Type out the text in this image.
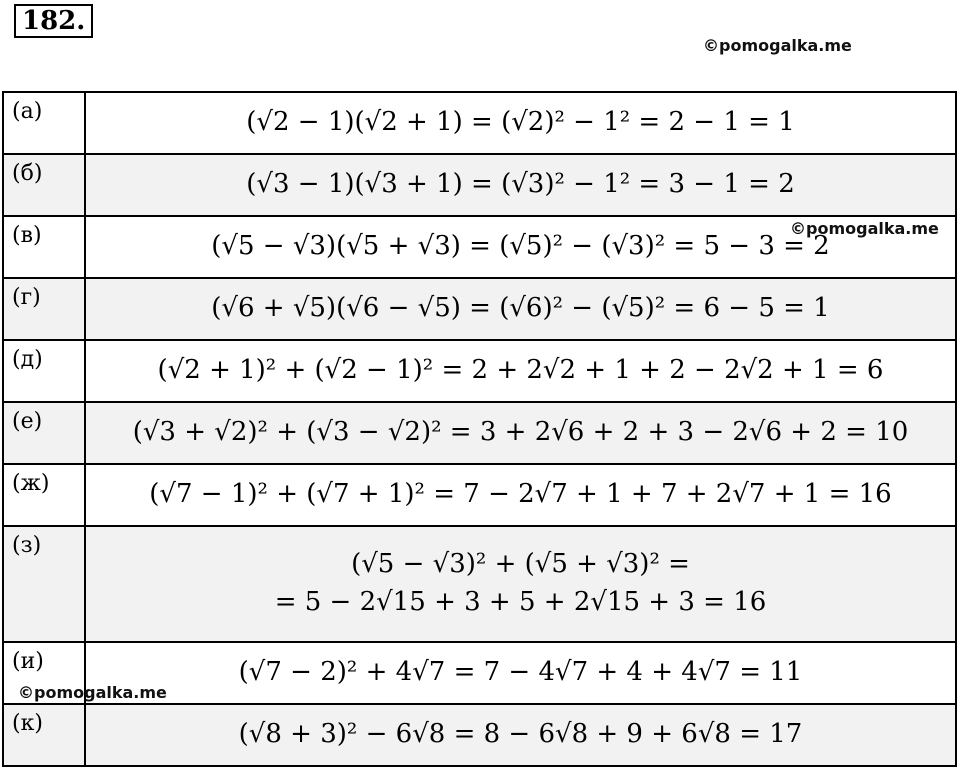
182.
©pomogalka.me
(а)	(√2 − 1)(√2 + 1) = (√2)² − 1² = 2 − 1 = 1

(б)	(√3 − 1)(√3 + 1) = (√3)² − 1² = 3 − 1 = 2

(в)	(√5 − √3)(√5 + √3) = (√5)² − (√3)² = 5 − 3 = 2

(г)	(√6 + √5)(√6 − √5) = (√6)² − (√5)² = 6 − 5 = 1

(д)	(√2 + 1)² + (√2 − 1)² = 2 + 2√2 + 1 + 2 − 2√2 + 1 = 6

(е)	(√3 + √2)² + (√3 − √2)² = 3 + 2√6 + 2 + 3 − 2√6 + 2 = 10

(ж)	(√7 − 1)² + (√7 + 1)² = 7 − 2√7 + 1 + 7 + 2√7 + 1 = 16

(з)	(√5 − √3)² + (√5 + √3)² =
= 5 − 2√15 + 3 + 5 + 2√15 + 3 = 16

(и)	(√7 − 2)² + 4√7 = 7 − 4√7 + 4 + 4√7 = 11

(к)	(√8 + 3)² − 6√8 = 8 − 6√8 + 9 + 6√8 = 17
©pomogalka.me
©pomogalka.me
